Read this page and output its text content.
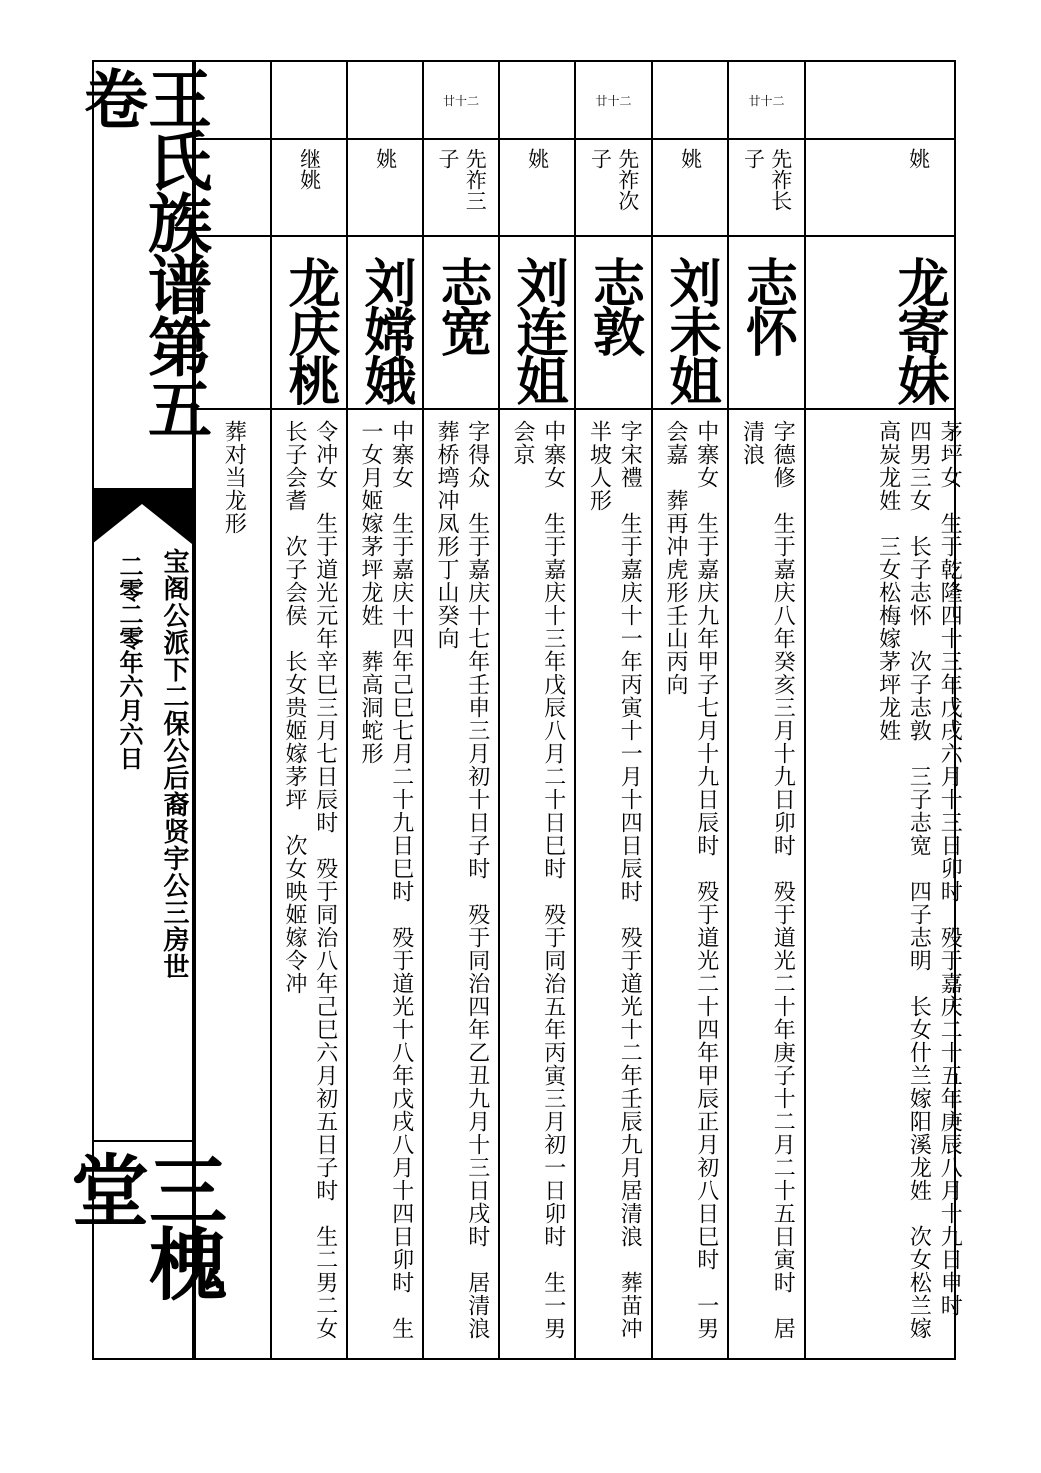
王氏族谱第五卷
宝阁公派下二保公后裔贤宇公三房世
二零二零年六月六日
三槐堂
姚
龙寄妹
茅坪女　生于乾隆四十三年戊戌六月十三日卯时　殁于嘉庆二十五年庚辰八月十九日申时　四男三女　长子志怀　次子志敦　三子志宽　四子志明　长女什兰嫁阳溪龙姓　次女松兰嫁高炭龙姓　三女松梅嫁茅坪龙姓
廿十二
先祚长子
志怀
字德修　生于嘉庆八年癸亥三月十九日卯时　殁于道光二十年庚子十二月二十五日寅时　居清浪
姚
刘未姐
中寨女　生于嘉庆九年甲子七月十九日辰时　殁于道光二十四年甲辰正月初八日巳时　一男会嘉　葬再冲虎形壬山丙向
廿十二
先祚次子
志敦
字宋禮　生于嘉庆十一年丙寅十一月十四日辰时　殁于道光十二年壬辰九月居清浪　葬苗冲半坡人形
姚
刘连姐
中寨女　生于嘉庆十三年戊辰八月二十日巳时　殁于同治五年丙寅三月初一日卯时　生一男会京
廿十二
先祚三子
志宽
字得众　生于嘉庆十七年壬申三月初十日子时　殁于同治四年乙丑九月十三日戌时　居清浪　葬桥塆冲凤形丁山癸向
姚
刘嫦娥
中寨女　生于嘉庆十四年己巳七月二十九日巳时　殁于道光十八年戊戌八月十四日卯时　生一女月姬嫁茅坪龙姓　葬高洞蛇形
继姚
龙庆桃
令冲女　生于道光元年辛巳三月七日辰时　殁于同治八年己巳六月初五日子时　生二男二女　长子会耆　次子会侯　长女贵姬嫁茅坪　次女映姬嫁令冲
葬对当龙形
